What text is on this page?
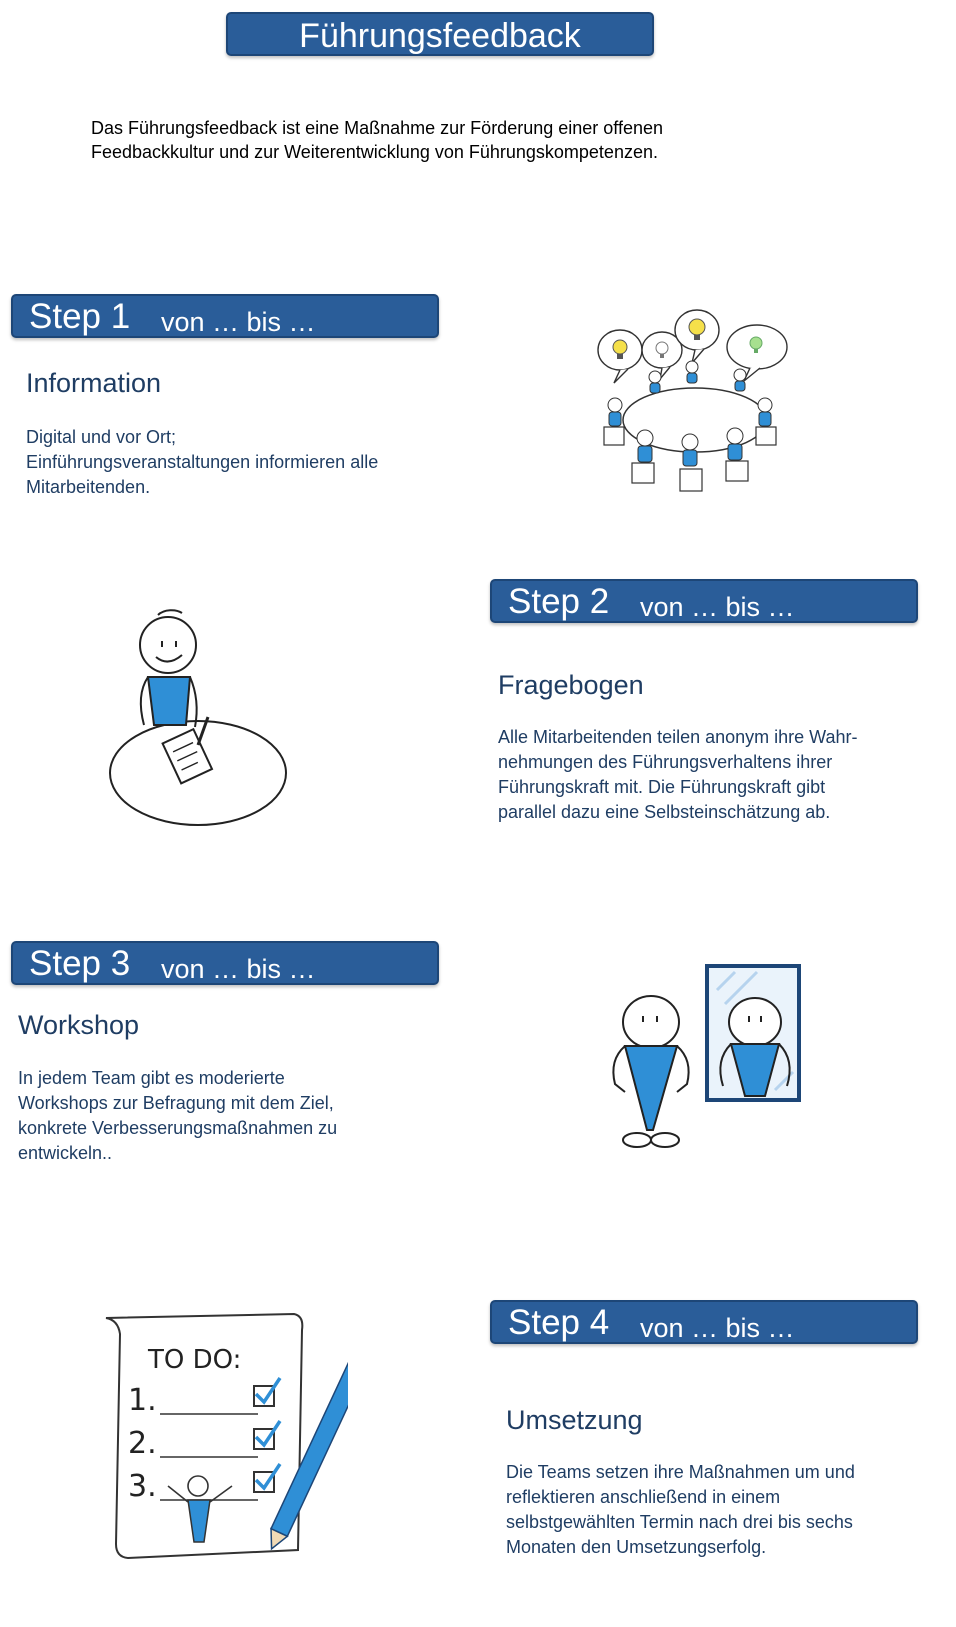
Führungsfeedback
Das Führungsfeedback ist eine Maßnahme zur Förderung einer offenen
Feedbackkultur und zur Weiterentwicklung von Führungskompetenzen.
Step 1 von … bis …
Information
Digital und vor Ort;
Einführungsveranstaltungen informieren alle
Mitarbeitenden.
Step 2 von … bis …
Fragebogen
Alle Mitarbeitenden teilen anonym ihre Wahr-
nehmungen des Führungsverhaltens ihrer
Führungskraft mit. Die Führungskraft gibt
parallel dazu eine Selbsteinschätzung ab.
Step 3 von … bis …
Workshop
In jedem Team gibt es moderierte
Workshops zur Befragung mit dem Ziel,
konkrete Verbesserungsmaßnahmen zu
entwickeln..
Step 4 von … bis …
Umsetzung
Die Teams setzen ihre Maßnahmen um und
reflektieren anschließend in einem
selbstgewählten Termin nach drei bis sechs
Monaten den Umsetzungserfolg.
TO DO:
1.
2.
3.
